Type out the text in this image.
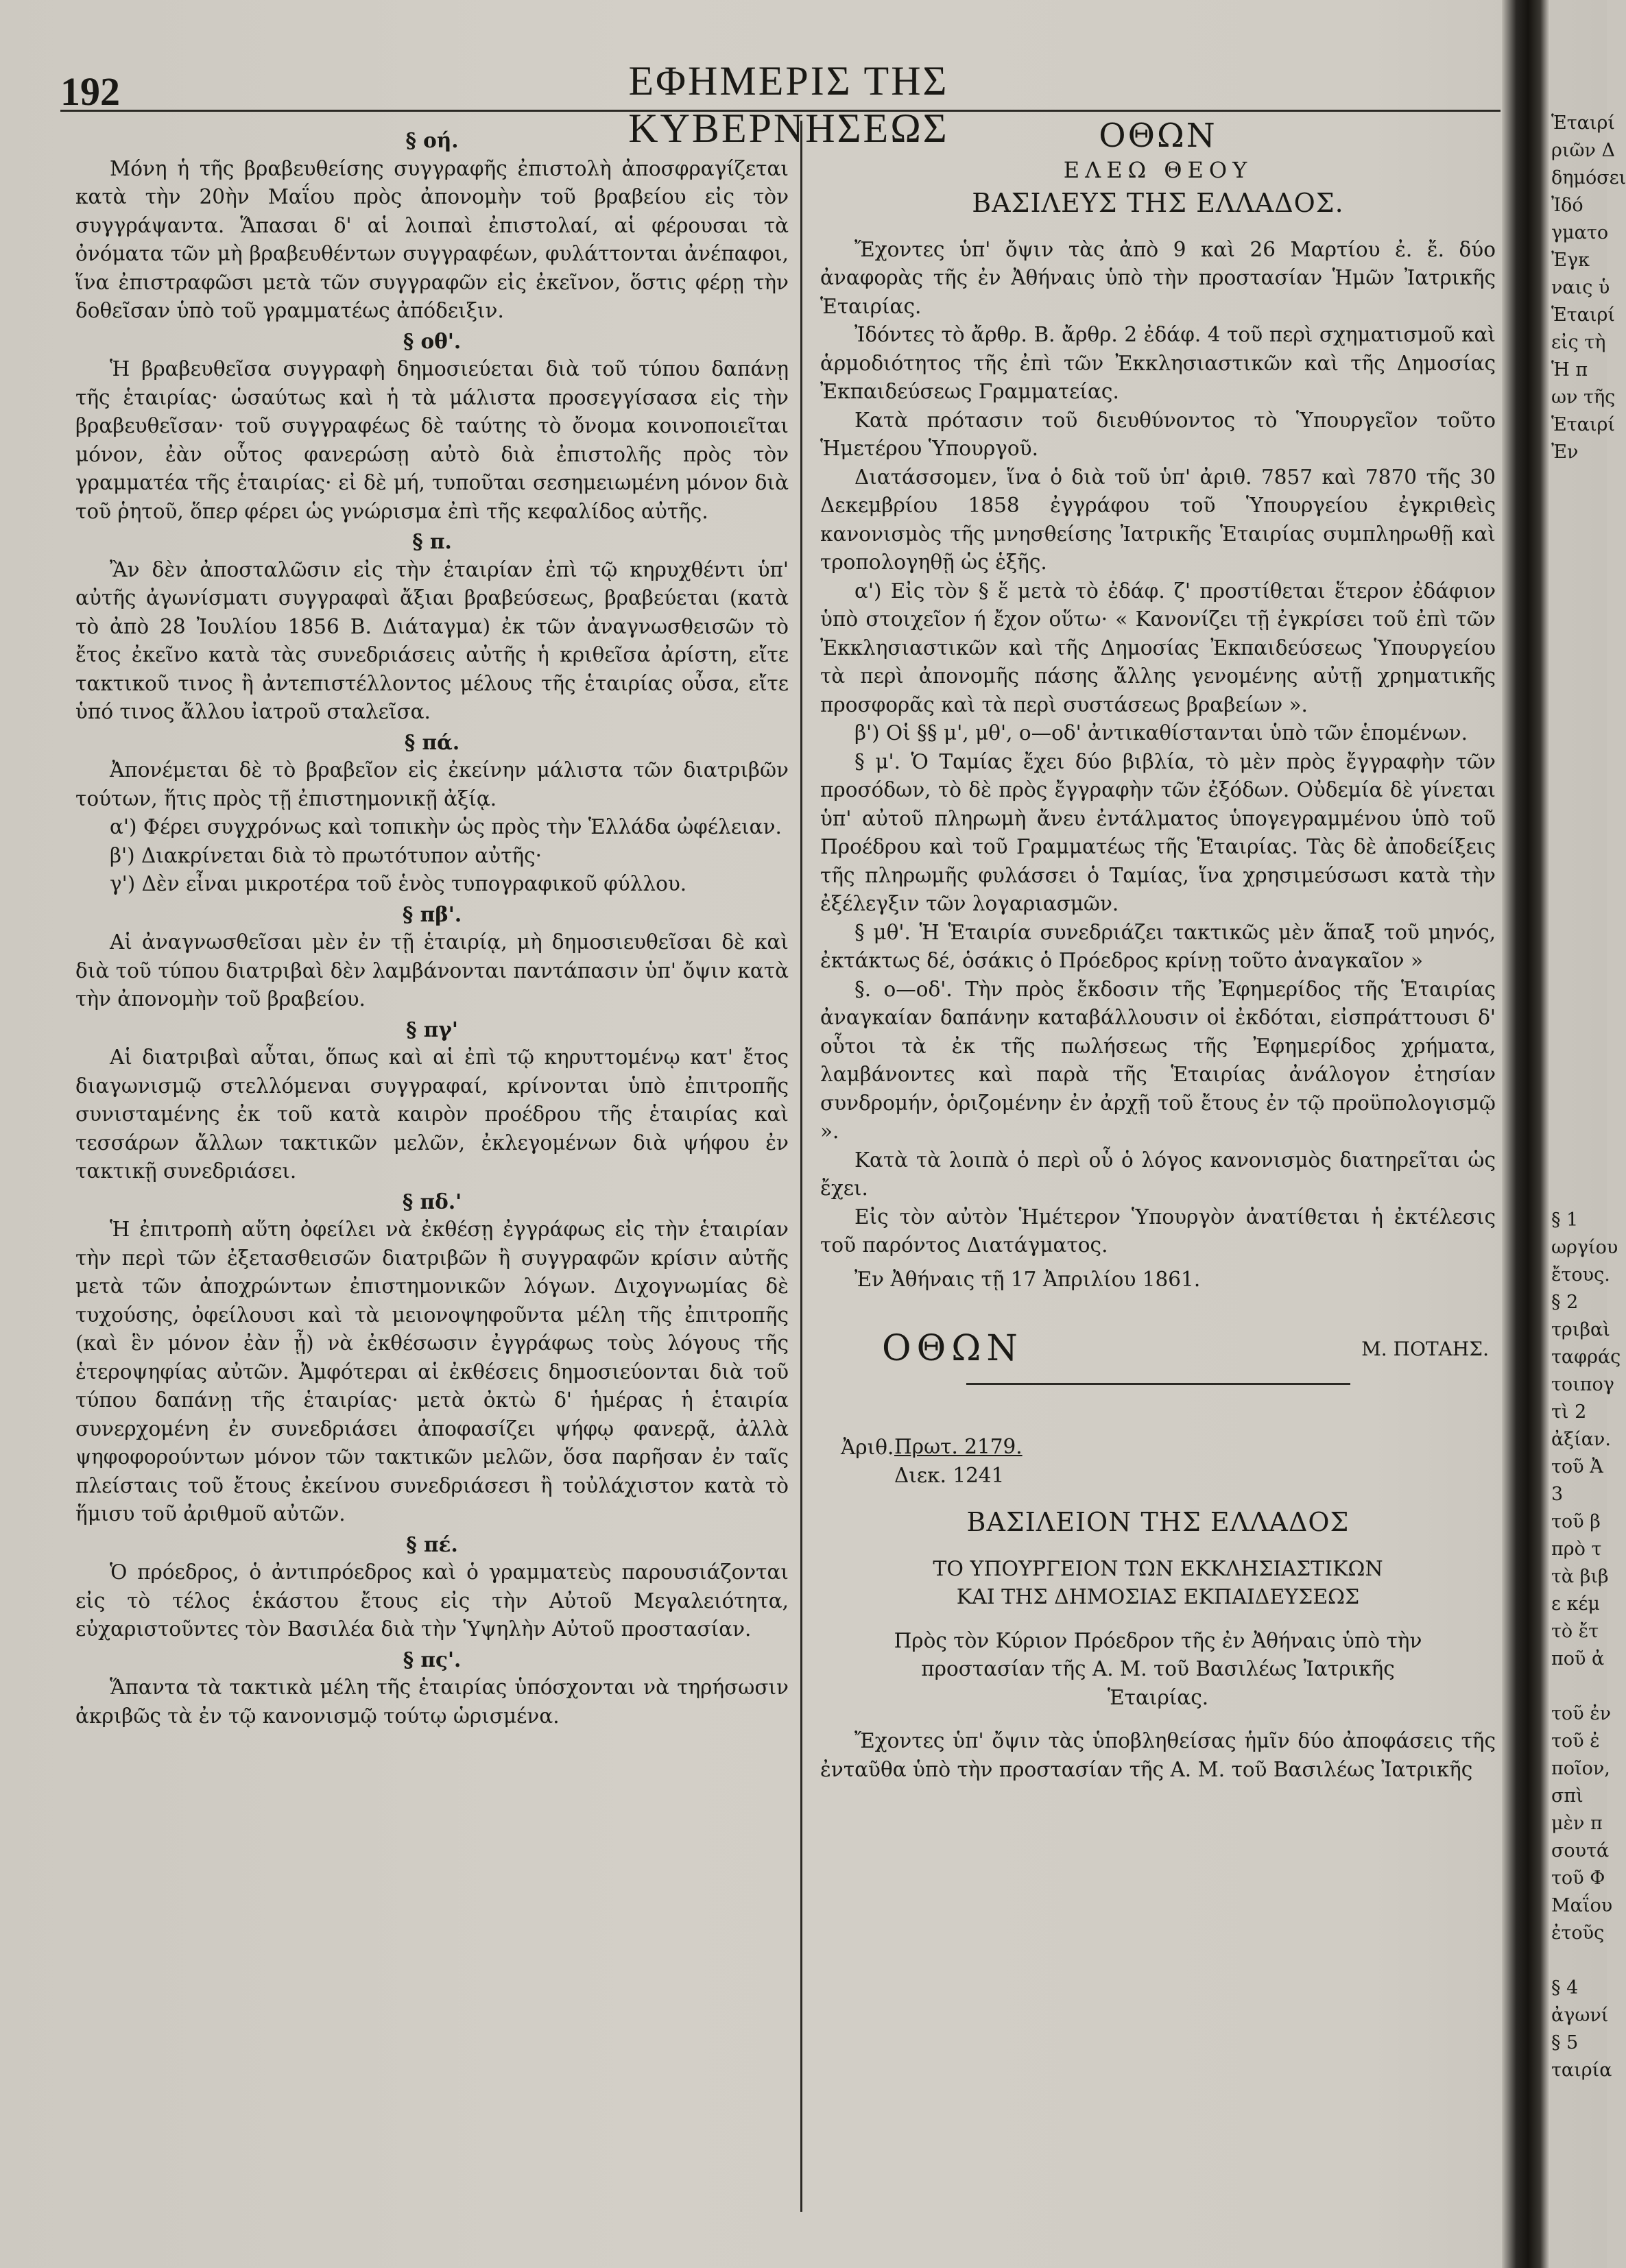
192	ΕΦΗΜΕΡΙΣ ΤΗΣ ΚΥΒΕΡΝΗΣΕΩΣ

§ οή.

Μόνη ἡ τῆς βραβευθείσης συγγραφῆς ἐπιστολὴ ἀποσφραγίζεται κατὰ τὴν 20ὴν Μαΐου πρὸς ἀπονομὴν τοῦ βραβείου εἰς τὸν συγγράψαντα. Ἅπασαι δ' αἱ λοιπαὶ ἐπιστολαί, αἱ φέρουσαι τὰ ὀνόματα τῶν μὴ βραβευθέντων συγγραφέων, φυλάττονται ἀνέπαφοι, ἵνα ἐπιστραφῶσι μετὰ τῶν συγγραφῶν εἰς ἐκεῖνον, ὅστις φέρῃ τὴν δοθεῖσαν ὑπὸ τοῦ γραμματέως ἀπόδειξιν.

§ οθ'.

Ἡ βραβευθεῖσα συγγραφὴ δημοσιεύεται διὰ τοῦ τύπου δαπάνῃ τῆς ἑταιρίας· ὡσαύτως καὶ ἡ τὰ μάλιστα προσεγγίσασα εἰς τὴν βραβευθεῖσαν· τοῦ συγγραφέως δὲ ταύτης τὸ ὄνομα κοινοποιεῖται μόνον, ἐὰν οὗτος φανερώσῃ αὐτὸ διὰ ἐπιστολῆς πρὸς τὸν γραμματέα τῆς ἑταιρίας· εἰ δὲ μή, τυποῦται σεσημειωμένη μόνον διὰ τοῦ ῥητοῦ, ὅπερ φέρει ὡς γνώρισμα ἐπὶ τῆς κεφαλίδος αὐτῆς.

§ π.

Ἂν δὲν ἀποσταλῶσιν εἰς τὴν ἑταιρίαν ἐπὶ τῷ κηρυχθέντι ὑπ' αὐτῆς ἀγωνίσματι συγγραφαὶ ἄξιαι βραβεύσεως, βραβεύεται (κατὰ τὸ ἀπὸ 28 Ἰουλίου 1856 Β. Διάταγμα) ἐκ τῶν ἀναγνωσθεισῶν τὸ ἔτος ἐκεῖνο κατὰ τὰς συνεδριάσεις αὐτῆς ἡ κριθεῖσα ἀρίστη, εἴτε τακτικοῦ τινος ἢ ἀντεπιστέλλοντος μέλους τῆς ἑταιρίας οὖσα, εἴτε ὑπό τινος ἄλλου ἰατροῦ σταλεῖσα.

§ πά.

Ἀπονέμεται δὲ τὸ βραβεῖον εἰς ἐκείνην μάλιστα τῶν διατριβῶν τούτων, ἥτις πρὸς τῇ ἐπιστημονικῇ ἀξίᾳ.

α') Φέρει συγχρόνως καὶ τοπικὴν ὡς πρὸς τὴν Ἑλλάδα ὠφέλειαν.

β') Διακρίνεται διὰ τὸ πρωτότυπον αὐτῆς·

γ') Δὲν εἶναι μικροτέρα τοῦ ἑνὸς τυπογραφικοῦ φύλλου.

§ πβ'.

Αἱ ἀναγνωσθεῖσαι μὲν ἐν τῇ ἑταιρίᾳ, μὴ δημοσιευθεῖσαι δὲ καὶ διὰ τοῦ τύπου διατριβαὶ δὲν λαμβάνονται παντάπασιν ὑπ' ὄψιν κατὰ τὴν ἀπονομὴν τοῦ βραβείου.

§ πγ'

Αἱ διατριβαὶ αὗται, ὅπως καὶ αἱ ἐπὶ τῷ κηρυττομένῳ κατ' ἔτος διαγωνισμῷ στελλόμεναι συγγραφαί, κρίνονται ὑπὸ ἐπιτροπῆς συνισταμένης ἐκ τοῦ κατὰ καιρὸν προέδρου τῆς ἑταιρίας καὶ τεσσάρων ἄλλων τακτικῶν μελῶν, ἐκλεγομένων διὰ ψήφου ἐν τακτικῇ συνεδριάσει.

§ πδ.'

Ἡ ἐπιτροπὴ αὕτη ὀφείλει νὰ ἐκθέσῃ ἐγγράφως εἰς τὴν ἑταιρίαν τὴν περὶ τῶν ἐξετασθεισῶν διατριβῶν ἢ συγγραφῶν κρίσιν αὐτῆς μετὰ τῶν ἀποχρώντων ἐπιστημονικῶν λόγων. Διχογνωμίας δὲ τυχούσης, ὀφείλουσι καὶ τὰ μειονοψηφοῦντα μέλη τῆς ἐπιτροπῆς (καὶ ἓν μόνον ἐὰν ᾖ) νὰ ἐκθέσωσιν ἐγγράφως τοὺς λόγους τῆς ἑτεροψηφίας αὐτῶν. Ἀμφότεραι αἱ ἐκθέσεις δημοσιεύονται διὰ τοῦ τύπου δαπάνῃ τῆς ἑταιρίας· μετὰ ὀκτὼ δ' ἡμέρας ἡ ἑταιρία συνερχομένη ἐν συνεδριάσει ἀποφασίζει ψήφῳ φανερᾷ, ἀλλὰ ψηφοφορούντων μόνον τῶν τακτικῶν μελῶν, ὅσα παρῆσαν ἐν ταῖς πλείσταις τοῦ ἔτους ἐκείνου συνεδριάσεσι ἢ τοὐλάχιστον κατὰ τὸ ἥμισυ τοῦ ἀριθμοῦ αὐτῶν.

§ πέ.

Ὁ πρόεδρος, ὁ ἀντιπρόεδρος καὶ ὁ γραμματεὺς παρουσιάζονται εἰς τὸ τέλος ἑκάστου ἔτους εἰς τὴν Αὐτοῦ Μεγαλειότητα, εὐχαριστοῦντες τὸν Βασιλέα διὰ τὴν Ὑψηλὴν Αὐτοῦ προστασίαν.

§ πς'.

Ἅπαντα τὰ τακτικὰ μέλη τῆς ἑταιρίας ὑπόσχονται νὰ τηρήσωσιν ἀκριβῶς τὰ ἐν τῷ κανονισμῷ τούτῳ ὡρισμένα.

ΟΘΩΝ

ΕΛΕΩ ΘΕΟΥ

ΒΑΣΙΛΕΥΣ ΤΗΣ ΕΛΛΑΔΟΣ.

Ἔχοντες ὑπ' ὄψιν τὰς ἀπὸ 9 καὶ 26 Μαρτίου ἐ. ἔ. δύο ἀναφορὰς τῆς ἐν Ἀθήναις ὑπὸ τὴν προστασίαν Ἡμῶν Ἰατρικῆς Ἑταιρίας.

Ἰδόντες τὸ ἄρθρ. Β. ἄρθρ. 2 ἐδάφ. 4 τοῦ περὶ σχηματισμοῦ καὶ ἁρμοδιότητος τῆς ἐπὶ τῶν Ἐκκλησιαστικῶν καὶ τῆς Δημοσίας Ἐκπαιδεύσεως Γραμματείας.

Κατὰ πρότασιν τοῦ διευθύνοντος τὸ Ὑπουργεῖον τοῦτο Ἡμετέρου Ὑπουργοῦ.

Διατάσσομεν, ἵνα ὁ διὰ τοῦ ὑπ' ἀριθ. 7857 καὶ 7870 τῆς 30 Δεκεμβρίου 1858 ἐγγράφου τοῦ Ὑπουργείου ἐγκριθεὶς κανονισμὸς τῆς μνησθείσης Ἰατρικῆς Ἑταιρίας συμπληρωθῇ καὶ τροπολογηθῇ ὡς ἑξῆς.

α') Εἰς τὸν § ἕ μετὰ τὸ ἐδάφ. ζ' προστίθεται ἕτερον ἐδάφιον ὑπὸ στοιχεῖον ή ἔχον οὕτω· « Κανονίζει τῇ ἐγκρίσει τοῦ ἐπὶ τῶν Ἐκκλησιαστικῶν καὶ τῆς Δημοσίας Ἐκπαιδεύσεως Ὑπουργείου τὰ περὶ ἀπονομῆς πάσης ἄλλης γενομένης αὐτῇ χρηματικῆς προσφορᾶς καὶ τὰ περὶ συστάσεως βραβείων ».

β') Οἱ §§ μ', μθ', ο—οδ' ἀντικαθίστανται ὑπὸ τῶν ἑπομένων.

§ μ'. Ὁ Ταμίας ἔχει δύο βιβλία, τὸ μὲν πρὸς ἔγγραφὴν τῶν προσόδων, τὸ δὲ πρὸς ἔγγραφὴν τῶν ἐξόδων. Οὐδεμία δὲ γίνεται ὑπ' αὐτοῦ πληρωμὴ ἄνευ ἐντάλματος ὑπογεγραμμένου ὑπὸ τοῦ Προέδρου καὶ τοῦ Γραμματέως τῆς Ἑταιρίας. Τὰς δὲ ἀποδείξεις τῆς πληρωμῆς φυλάσσει ὁ Ταμίας, ἵνα χρησιμεύσωσι κατὰ τὴν ἐξέλεγξιν τῶν λογαριασμῶν.

§ μθ'. Ἡ Ἑταιρία συνεδριάζει τακτικῶς μὲν ἅπαξ τοῦ μηνός, ἐκτάκτως δέ, ὁσάκις ὁ Πρόεδρος κρίνῃ τοῦτο ἀναγκαῖον »

§. ο—οδ'. Τὴν πρὸς ἔκδοσιν τῆς Ἐφημερίδος τῆς Ἑταιρίας ἀναγκαίαν δαπάνην καταβάλλουσιν οἱ ἐκδόται, εἰσπράττουσι δ' οὗτοι τὰ ἐκ τῆς πωλήσεως τῆς Ἐφημερίδος χρήματα, λαμβάνοντες καὶ παρὰ τῆς Ἑταιρίας ἀνάλογον ἐτησίαν συνδρομήν, ὁριζομένην ἐν ἀρχῇ τοῦ ἔτους ἐν τῷ προϋπολογισμῷ ».

Κατὰ τὰ λοιπὰ ὁ περὶ οὗ ὁ λόγος κανονισμὸς διατηρεῖται ὡς ἔχει.

Εἰς τὸν αὐτὸν Ἡμέτερον Ὑπουργὸν ἀνατίθεται ἡ ἐκτέλεσις τοῦ παρόντος Διατάγματος.

Ἐν Ἀθήναις τῇ 17 Ἀπριλίου 1861.

ΟΘΩΝ	Μ. ΠΟΤΑΗΣ.
Ἀριθ.Πρωτ. 2179.
Διεκ. 1241

ΒΑΣΙΛΕΙΟΝ ΤΗΣ ΕΛΛΑΔΟΣ

ΤΟ ΥΠΟΥΡΓΕΙΟΝ ΤΩΝ ΕΚΚΛΗΣΙΑΣΤΙΚΩΝ

ΚΑΙ ΤΗΣ ΔΗΜΟΣΙΑΣ ΕΚΠΑΙΔΕΥΣΕΩΣ

Πρὸς τὸν Κύριον Πρόεδρον τῆς ἐν Ἀθήναις ὑπὸ τὴν

προστασίαν τῆς Α. Μ. τοῦ Βασιλέως Ἰατρικῆς

Ἑταιρίας.

Ἔχοντες ὑπ' ὄψιν τὰς ὑποβληθείσας ἡμῖν δύο ἀποφάσεις τῆς ἐνταῦθα ὑπὸ τὴν προστασίαν τῆς Α. Μ. τοῦ Βασιλέως Ἰατρικῆς

Ἑταιρί
ριῶν Δ
δημόσει
Ἰδό
γματο
Ἐγκ
ναις ὑ
Ἑταιρί
εἰς τὴ
Ἡ π
ων τῆς
Ἑταιρί
Ἐν
§ 1
ωργίου
ἔτους.
§ 2
τριβαὶ
ταφράς
τοιπογ
τὶ 2
ἀξίαν.
τοῦ Ἀ
3
τοῦ β
πρὸ τ
τὰ βιβ
ε κέμ
τὸ ἔτ
ποῦ ἀ
τοῦ ἐν
τοῦ ἐ
ποῖον,
σπὶ
μὲν π
σουτά
τοῦ Φ
Μαΐου
ἐτοῦς
§ 4
ἀγωνί
§ 5
ταιρία
